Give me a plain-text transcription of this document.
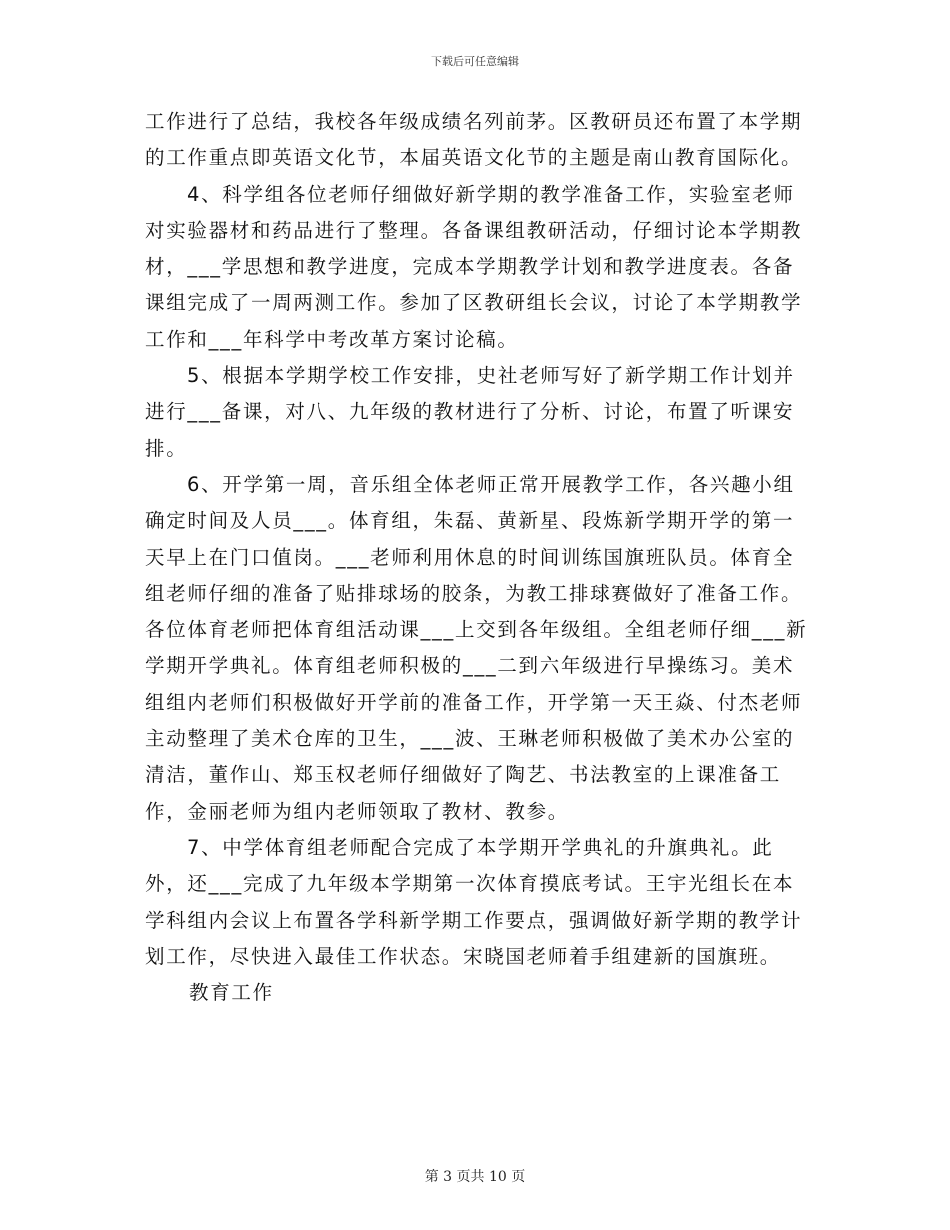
下载后可任意编辑

工作进行了总结，我校各年级成绩名列前茅。区教研员还布置了本学期的工作重点即英语文化节，本届英语文化节的主题是南山教育国际化。

4、科学组各位老师仔细做好新学期的教学准备工作，实验室老师对实验器材和药品进行了整理。各备课组教研活动，仔细讨论本学期教材，___学思想和教学进度，完成本学期教学计划和教学进度表。各备课组完成了一周两测工作。参加了区教研组长会议，讨论了本学期教学工作和___年科学中考改革方案讨论稿。

5、根据本学期学校工作安排，史社老师写好了新学期工作计划并进行___备课，对八、九年级的教材进行了分析、讨论，布置了听课安排。

6、开学第一周，音乐组全体老师正常开展教学工作，各兴趣小组确定时间及人员___。体育组，朱磊、黄新星、段炼新学期开学的第一天早上在门口值岗。___老师利用休息的时间训练国旗班队员。体育全组老师仔细的准备了贴排球场的胶条，为教工排球赛做好了准备工作。各位体育老师把体育组活动课___上交到各年级组。全组老师仔细___新学期开学典礼。体育组老师积极的___二到六年级进行早操练习。美术组组内老师们积极做好开学前的准备工作，开学第一天王焱、付杰老师主动整理了美术仓库的卫生，___波、王琳老师积极做了美术办公室的清洁，董作山、郑玉权老师仔细做好了陶艺、书法教室的上课准备工作，金丽老师为组内老师领取了教材、教参。

7、中学体育组老师配合完成了本学期开学典礼的升旗典礼。此外，还___完成了九年级本学期第一次体育摸底考试。王宇光组长在本学科组内会议上布置各学科新学期工作要点，强调做好新学期的教学计划工作，尽快进入最佳工作状态。宋晓国老师着手组建新的国旗班。

教育工作

第 3 页共 10 页
